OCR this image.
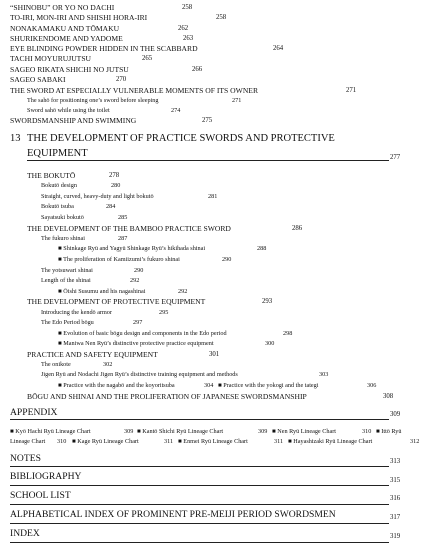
“SHINOBU” OR YO NO DACHI	258
TO-IRI, MON-IRI AND SHISHI HORA-IRI	258
NONAKAMAKU AND TŌMAKU	262
SHURIKENDOME AND YADOME	263
EYE BLINDING POWDER HIDDEN IN THE SCABBARD	264
TACHI MOYURUJUTSU	265
SAGEO RIKATA SHICHI NO JUTSU	266
SAGEO SABAKI	270
THE SWORD AT ESPECIALLY VULNERABLE MOMENTS OF ITS OWNER	271
The sahō for positioning one’s sword before sleeping	271
Sword sahō while using the toilet	274
SWORDSMANSHIP AND SWIMMING	275
13 THE DEVELOPMENT OF PRACTICE SWORDS AND PROTECTIVE
EQUIPMENT	277
THE BOKUTŌ	278
Bokutō design	280
Straight, curved, heavy-duty and light bokutō	281
Bokutō tsuba	284
Sayatsuki bokutō	285
THE DEVELOPMENT OF THE BAMBOO PRACTICE SWORD	286
The fukuro shinai	287
■ Shinkage Ryū and Yagyū Shinkage Ryū’s hikihada shinai	288
■ The proliferation of Kamiizumi’s fukuro shinai	290
The yotsuwari shinai	290
Length of the shinai	292
■ Ōishi Susumu and his nagashinai	292
THE DEVELOPMENT OF PROTECTIVE EQUIPMENT	293
Introducing the kendō armor	295
The Edo Period bōgu	297
■ Evolution of basic bōgu design and components in the Edo period	298
■ Maniwa Nen Ryū’s distinctive protective practice equipment	300
PRACTICE AND SAFETY EQUIPMENT	301
The onikote	302
Jigen Ryū and Nodachi Jigen Ryū’s distinctive training equipment and methods	303
■ Practice with the nagabō and the koyoritsuba	304 ■ Practice with the yokogi and the tategi	306
BŌGU AND SHINAI AND THE PROLIFERATION OF JAPANESE SWORDSMANSHIP	308
APPENDIX	309
■ Kyō Hachi Ryū Lineage Chart	309 ■ Kantō Shichi Ryū Lineage Chart	309 ■ Nen Ryū Lineage Chart	310 ■ Ittō Ryū
Lineage Chart 310 ■ Kage Ryū Lineage Chart	311 ■ Enmei Ryū Lineage Chart	311 ■ Hayashizaki Ryū Lineage Chart	312
NOTES	313
BIBLIOGRAPHY	315
SCHOOL LIST	316
ALPHABETICAL INDEX OF PROMINENT PRE-MEIJI PERIOD SWORDSMEN	317
INDEX	319
